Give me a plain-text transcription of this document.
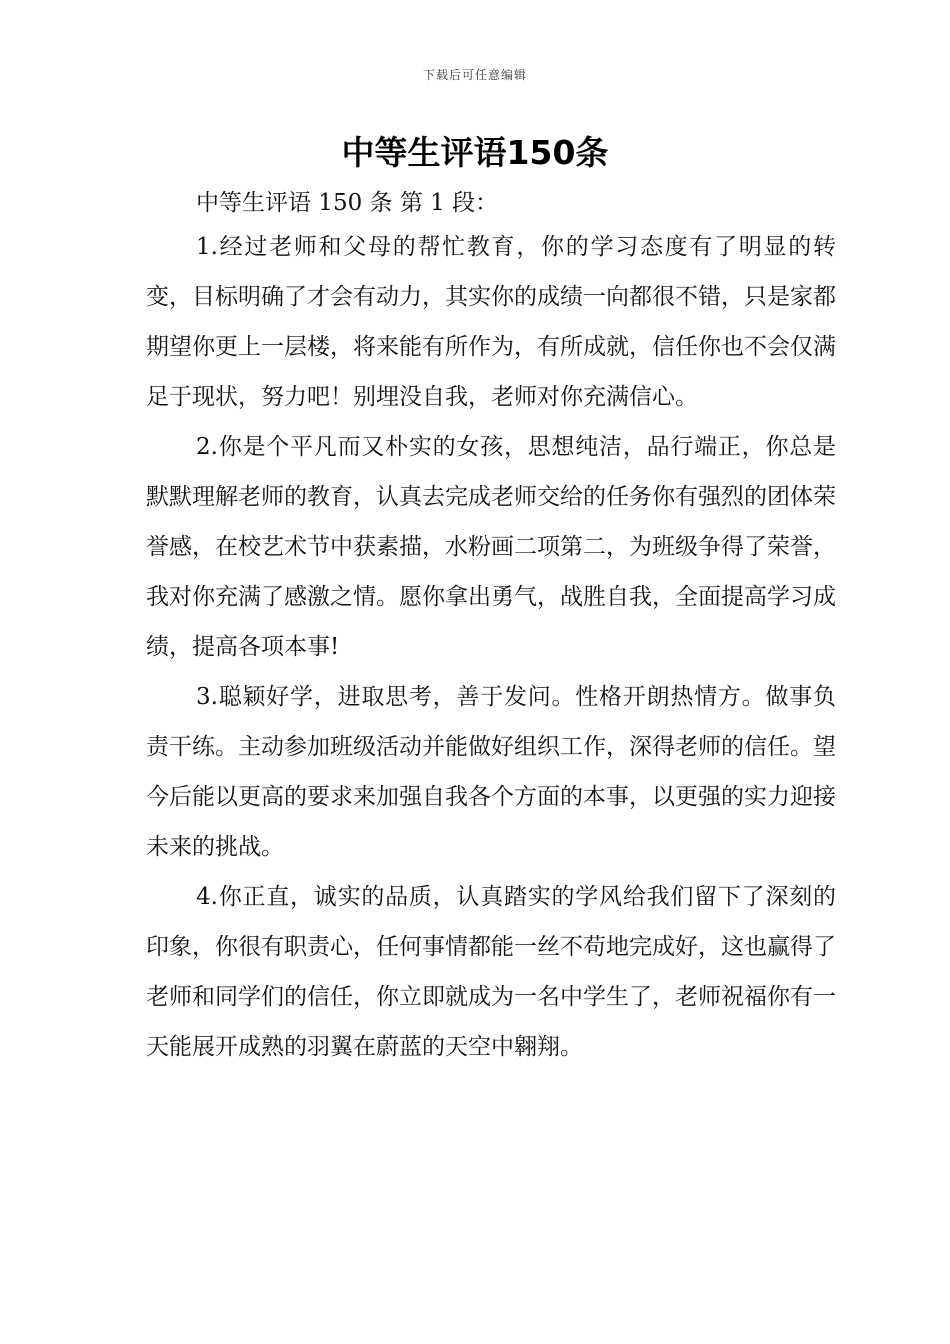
下载后可任意编辑
中等生评语150条
中等生评语 150 条 第 1 段：

1.经过老师和父母的帮忙教育，你的学习态度有了明显的转变，目标明确了才会有动力，其实你的成绩一向都很不错，只是家都期望你更上一层楼，将来能有所作为，有所成就，信任你也不会仅满足于现状，努力吧！别埋没自我，老师对你充满信心。

2.你是个平凡而又朴实的女孩，思想纯洁，品行端正，你总是默默理解老师的教育，认真去完成老师交给的任务你有强烈的团体荣誉感，在校艺术节中获素描，水粉画二项第二，为班级争得了荣誉，我对你充满了感激之情。愿你拿出勇气，战胜自我，全面提高学习成绩，提高各项本事!

3.聪颖好学，进取思考，善于发问。性格开朗热情方。做事负责干练。主动参加班级活动并能做好组织工作，深得老师的信任。望今后能以更高的要求来加强自我各个方面的本事，以更强的实力迎接未来的挑战。

4.你正直，诚实的品质，认真踏实的学风给我们留下了深刻的印象，你很有职责心，任何事情都能一丝不苟地完成好，这也赢得了老师和同学们的信任，你立即就成为一名中学生了，老师祝福你有一天能展开成熟的羽翼在蔚蓝的天空中翱翔。
